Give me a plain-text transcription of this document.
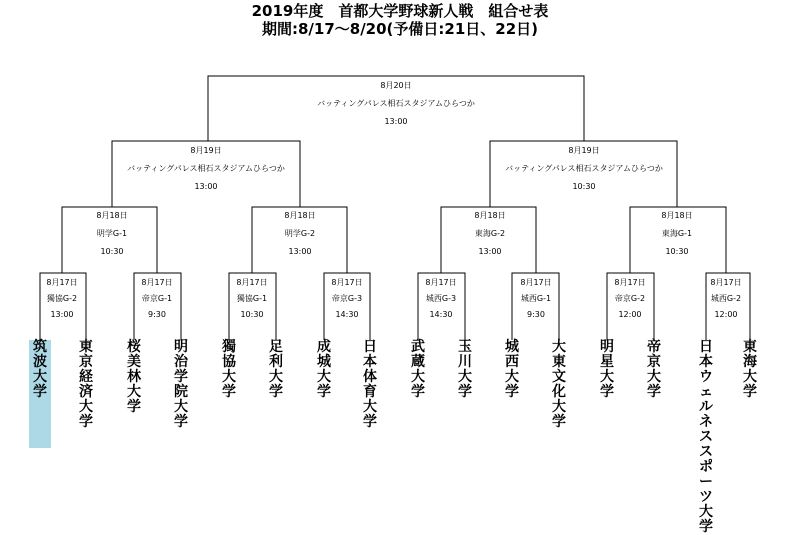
2019年度　首都大学野球新人戦　組合せ表
期間:8/17〜8/20(予備日:21日、22日)
8月20日
バッティングパレス相石スタジアムひらつか
13:00
8月19日
バッティングパレス相石スタジアムひらつか
13:00
8月19日
バッティングパレス相石スタジアムひらつか
10:30
8月18日
明学G-1
10:30
8月18日
明学G-2
13:00
8月18日
東海G-2
13:00
8月18日
東海G-1
10:30
8月17日
獨協G-2
13:00
8月17日
帝京G-1
9:30
8月17日
獨協G-1
10:30
8月17日
帝京G-3
14:30
8月17日
城西G-3
14:30
8月17日
城西G-1
9:30
8月17日
帝京G-2
12:00
8月17日
城西G-2
12:00
筑波大学
東京経済大学
桜美林大学
明治学院大学
獨協大学
足利大学
成城大学
日本体育大学
武蔵大学
玉川大学
城西大学
大東文化大学
明星大学
帝京大学
日本ウェルネススポーツ大学
東海大学
